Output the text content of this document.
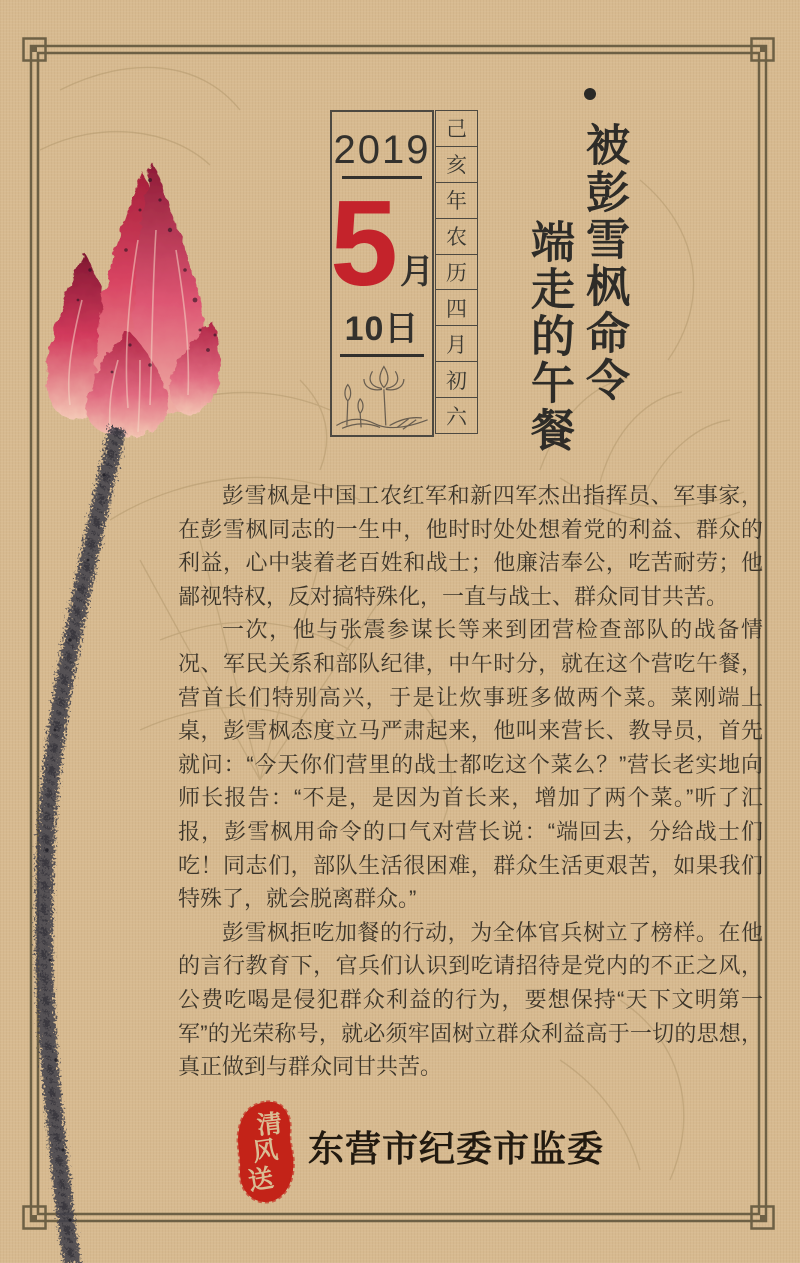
2019
5 月
10日
己
亥
年
农
历
四
月
初
六
被彭雪枫命令
端走的午餐

彭雪枫是中国工农红军和新四军杰出指挥员、军事家，在彭雪枫同志的一生中，他时时处处想着党的利益、群众的利益，心中装着老百姓和战士；他廉洁奉公，吃苦耐劳；他鄙视特权，反对搞特殊化，一直与战士、群众同甘共苦。

一次，他与张震参谋长等来到团营检查部队的战备情况、军民关系和部队纪律，中午时分，就在这个营吃午餐，营首长们特别高兴，于是让炊事班多做两个菜。菜刚端上桌，彭雪枫态度立马严肃起来，他叫来营长、教导员，首先就问：“今天你们营里的战士都吃这个菜么？”营长老实地向师长报告：“不是，是因为首长来，增加了两个菜。”听了汇报，彭雪枫用命令的口气对营长说：“端回去，分给战士们吃！同志们，部队生活很困难，群众生活更艰苦，如果我们特殊了，就会脱离群众。”

彭雪枫拒吃加餐的行动，为全体官兵树立了榜样。在他的言行教育下，官兵们认识到吃请招待是党内的不正之风，公费吃喝是侵犯群众利益的行为，要想保持“天下文明第一军”的光荣称号，就必须牢固树立群众利益高于一切的思想，真正做到与群众同甘共苦。

清
风
送
东营市纪委市监委
